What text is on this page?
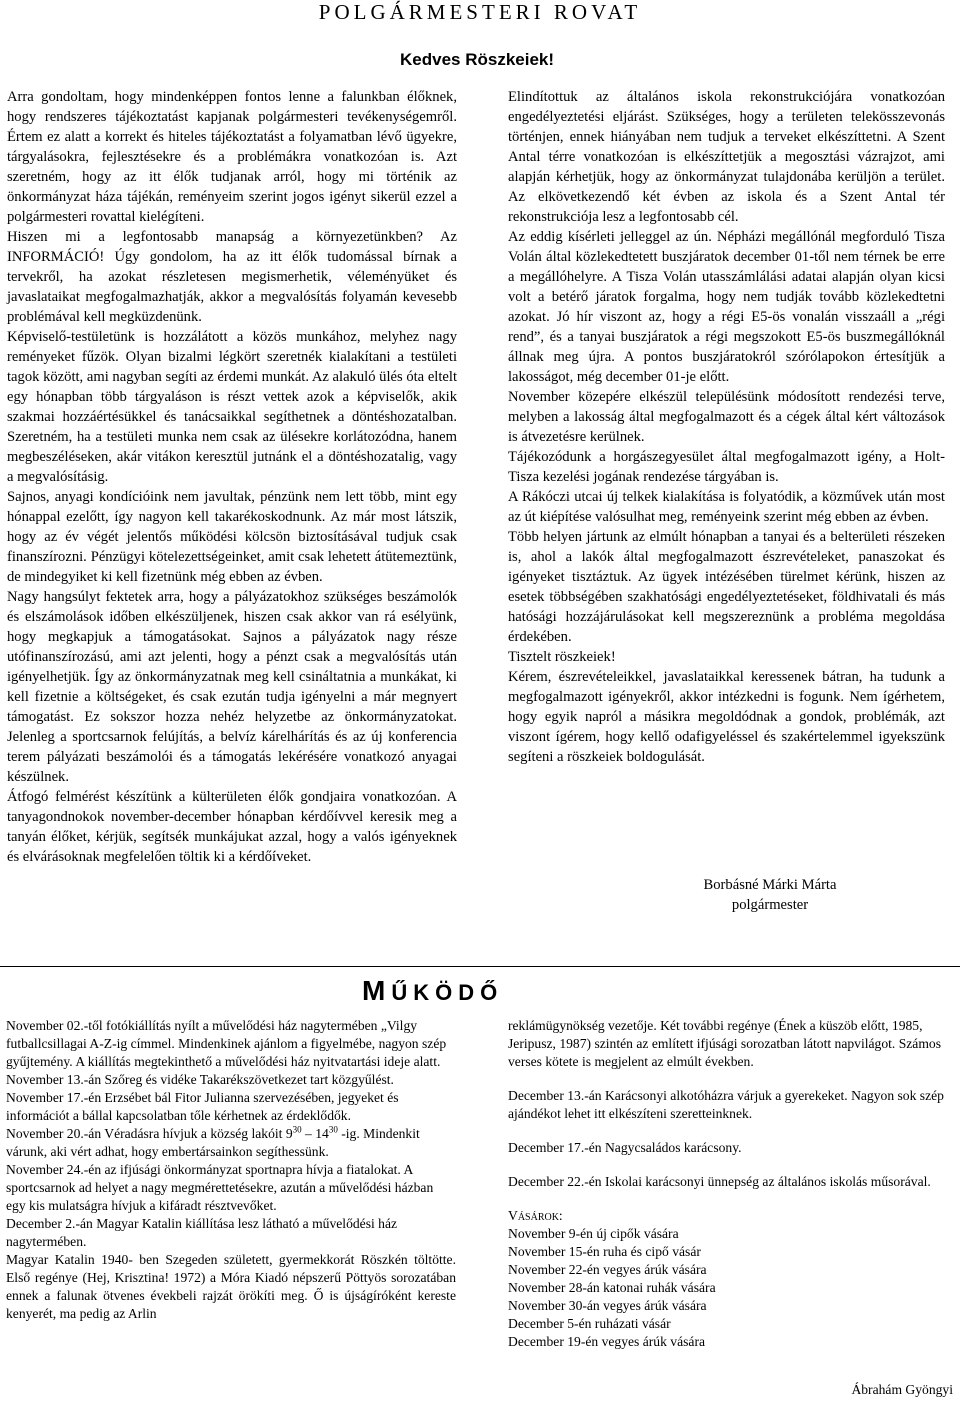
POLGÁRMESTERI ROVAT
Kedves Röszkeiek!

Arra gondoltam, hogy mindenképpen fontos lenne a falunkban élőknek, hogy rendszeres tájékoztatást kapjanak polgármesteri tevékenységemről. Értem ez alatt a korrekt és hiteles tájékoztatást a folyamatban lévő ügyekre, tárgyalásokra, fejlesztésekre és a problémákra vonatkozóan is. Azt szeretném, hogy az itt élők tudjanak arról, hogy mi történik az önkormányzat háza tájékán, reményeim szerint jogos igényt sikerül ezzel a polgármesteri rovattal kielégíteni.

Hiszen mi a legfontosabb manapság a környezetünkben? Az INFORMÁCIÓ! Úgy gondolom, ha az itt élők tudomással bírnak a tervekről, ha azokat részletesen megismerhetik, véleményüket és javaslataikat megfogalmazhatják, akkor a megvalósítás folyamán kevesebb problémával kell megküzdenünk.

Képviselő-testületünk is hozzálátott a közös munkához, melyhez nagy reményeket fűzök. Olyan bizalmi légkört szeretnék kialakítani a testületi tagok között, ami nagyban segíti az érdemi munkát. Az alakuló ülés óta eltelt egy hónapban több tárgyaláson is részt vettek azok a képviselők, akik szakmai hozzáértésükkel és tanácsaikkal segíthetnek a döntéshozatalban. Szeretném, ha a testületi munka nem csak az ülésekre korlátozódna, hanem megbeszéléseken, akár vitákon keresztül jutnánk el a döntéshozatalig, vagy a megvalósításig.

Sajnos, anyagi kondícióink nem javultak, pénzünk nem lett több, mint egy hónappal ezelőtt, így nagyon kell takarékoskodnunk. Az már most látszik, hogy az év végét jelentős működési kölcsön biztosításával tudjuk csak finanszírozni. Pénzügyi kötelezettségeinket, amit csak lehetett átütemeztünk, de mindegyiket ki kell fizetnünk még ebben az évben.

Nagy hangsúlyt fektetek arra, hogy a pályázatokhoz szükséges beszámolók és elszámolások időben elkészüljenek, hiszen csak akkor van rá esélyünk, hogy megkapjuk a támogatásokat. Sajnos a pályázatok nagy része utófinanszírozású, ami azt jelenti, hogy a pénzt csak a megvalósítás után igényelhetjük. Így az önkormányzatnak meg kell csináltatnia a munkákat, ki kell fizetnie a költségeket, és csak ezután tudja igényelni a már megnyert támogatást. Ez sokszor hozza nehéz helyzetbe az önkormányzatokat. Jelenleg a sportcsarnok felújítás, a belvíz kárelhárítás és az új konferencia terem pályázati beszámolói és a támogatás lekérésére vonatkozó anyagai készülnek.

Átfogó felmérést készítünk a külterületen élők gondjaira vonatkozóan. A tanyagondnokok november-december hónapban kérdőívvel keresik meg a tanyán élőket, kérjük, segítsék munkájukat azzal, hogy a valós igényeknek és elvárásoknak megfelelően töltik ki a kérdőíveket.

Elindítottuk az általános iskola rekonstrukciójára vonatkozóan engedélyeztetési eljárást. Szükséges, hogy a területen telekösszevonás történjen, ennek hiányában nem tudjuk a terveket elkészíttetni. A Szent Antal térre vonatkozóan is elkészíttetjük a megosztási vázrajzot, ami alapján kérhetjük, hogy az önkormányzat tulajdonába kerüljön a terület. Az elkövetkezendő két évben az iskola és a Szent Antal tér rekonstrukciója lesz a legfontosabb cél.

Az eddig kísérleti jelleggel az ún. Népházi megállónál megforduló Tisza Volán által közlekedtetett buszjáratok december 01-től nem térnek be erre a megállóhelyre. A Tisza Volán utasszámlálási adatai alapján olyan kicsi volt a betérő járatok forgalma, hogy nem tudják tovább közlekedtetni azokat. Jó hír viszont az, hogy a régi E5-ös vonalán visszaáll a „régi rend”, és a tanyai buszjáratok a régi megszokott E5-ös buszmegállóknál állnak meg újra. A pontos buszjáratokról szórólapokon értesítjük a lakosságot, még december 01-je előtt.

November közepére elkészül településünk módosított rendezési terve, melyben a lakosság által megfogalmazott és a cégek által kért változások is átvezetésre kerülnek.

Tájékozódunk a horgászegyesület által megfogalmazott igény, a Holt-Tisza kezelési jogának rendezése tárgyában is.

A Rákóczi utcai új telkek kialakítása is folyatódik, a közművek után most az út kiépítése valósulhat meg, reményeink szerint még ebben az évben.

Több helyen jártunk az elmúlt hónapban a tanyai és a belterületi részeken is, ahol a lakók által megfogalmazott észrevételeket, panaszokat és igényeket tisztáztuk. Az ügyek intézésében türelmet kérünk, hiszen az esetek többségében szakhatósági engedélyeztetéseket, földhivatali és más hatósági hozzájárulásokat kell megszereznünk a probléma megoldása érdekében.

Tisztelt röszkeiek!

Kérem, észrevételeikkel, javaslataikkal keressenek bátran, ha tudunk a megfogalmazott igényekről, akkor intézkedni is fogunk. Nem ígérhetem, hogy egyik napról a másikra megoldódnak a gondok, problémák, azt viszont ígérem, hogy kellő odafigyeléssel és szakértelemmel igyekszünk segíteni a röszkeiek boldogulását.

Borbásné Márki Márta
polgármester
MŰKÖDŐ

November 02.-től fotókiállítás nyílt a művelődési ház nagytermében „Vilgy futballcsillagai A-Z-ig címmel. Mindenkinek ajánlom a figyelmébe, nagyon szép gyűjtemény. A kiállítás megtekinthető a művelődési ház nyitvatartási ideje alatt.

November 13.-án Szőreg és vidéke Takarékszövetkezet tart közgyűlést.

November 17.-én Erzsébet bál Fitor Julianna szervezésében, jegyeket és információt a bállal kapcsolatban tőle kérhetnek az érdeklődők.

November 20.-án Véradásra hívjuk a község lakóit $9^{30} - 14^{30}$ -ig. Mindenkit várunk, aki vért adhat, hogy embertársainkon segíthessünk.

November 24.-én az ifjúsági önkormányzat sportnapra hívja a fiatalokat. A sportcsarnok ad helyet a nagy megmérettetésekre, azután a művelődési házban egy kis mulatságra hívjuk a kifáradt résztvevőket.

December 2.-án Magyar Katalin kiállítása lesz látható a művelődési ház nagytermében.

Magyar Katalin 1940- ben Szegeden született, gyermekkorát Röszkén töltötte. Első regénye (Hej, Krisztina! 1972) a Móra Kiadó népszerű Pöttyös sorozatában ennek a falunak ötvenes évekbeli rajzát örökíti meg. Ő is újságíróként kereste kenyerét, ma pedig az Arlin

reklámügynökség vezetője. Két további regénye (Ének a küszöb előtt, 1985, Jeripusz, 1987) szintén az említett ifjúsági sorozatban látott napvilágot. Számos verses kötete is megjelent az elmúlt években.

December 13.-án Karácsonyi alkotóházra várjuk a gyerekeket. Nagyon sok szép ajándékot lehet itt elkészíteni szeretteinknek.

December 17.-én Nagycsaládos karácsony.

December 22.-én Iskolai karácsonyi ünnepség az általános iskolás műsorával.

Vásárok:

November 9-én új cipők vására

November 15-én ruha és cipő vásár

November 22-én vegyes árúk vására

November 28-án katonai ruhák vására

November 30-án vegyes árúk vására

December 5-én ruházati vásár

December 19-én vegyes árúk vására

Ábrahám Gyöngyi
